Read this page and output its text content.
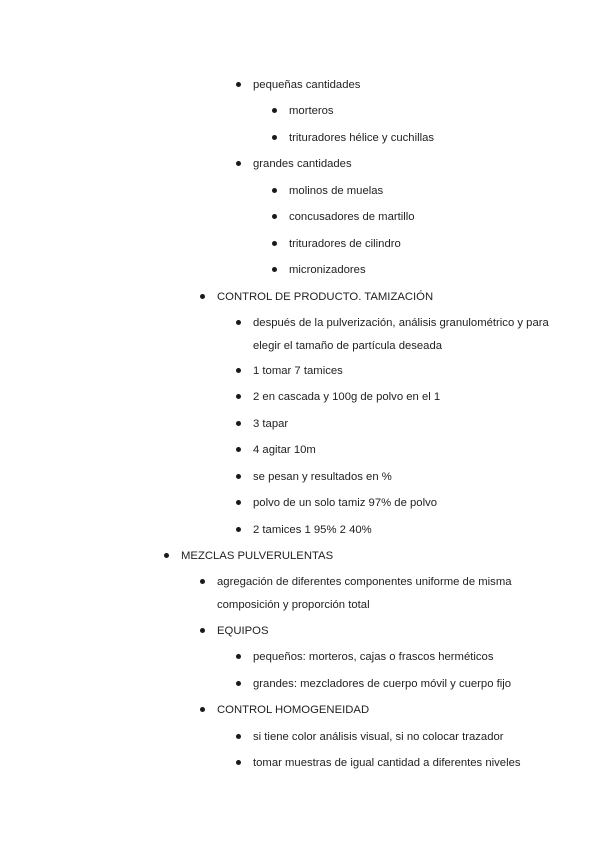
pequeñas cantidades
morteros
trituradores hélice y cuchillas
grandes cantidades
molinos de muelas
concusadores de martillo
trituradores de cilindro
micronizadores
CONTROL DE PRODUCTO. TAMIZACIÓN
después de la pulverización, análisis granulométrico y para elegir el tamaño de partícula deseada
1 tomar 7 tamices
2 en cascada y 100g de polvo en el 1
3 tapar
4 agitar 10m
se pesan y resultados en %
polvo de un solo tamiz 97% de polvo
2 tamices 1 95% 2 40%
MEZCLAS PULVERULENTAS
agregación de diferentes componentes uniforme de misma composición y proporción total
EQUIPOS
pequeños: morteros, cajas o frascos herméticos
grandes: mezcladores de cuerpo móvil y cuerpo fijo
CONTROL HOMOGENEIDAD
si tiene color análisis visual, si no colocar trazador
tomar muestras de igual cantidad a diferentes niveles
